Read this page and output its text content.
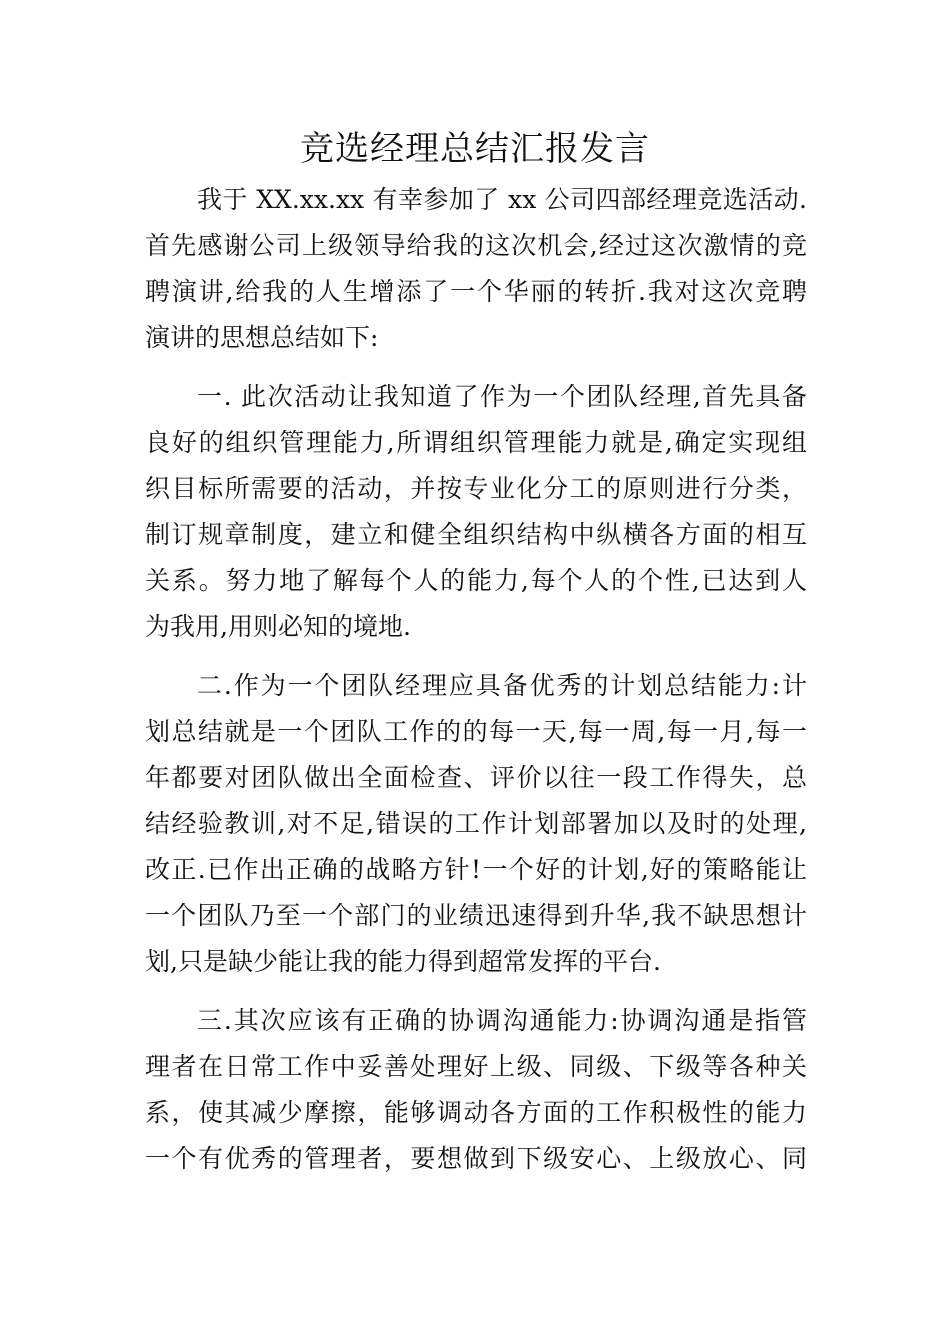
竞选经理总结汇报发言
我于 XX.xx.xx 有幸参加了 xx 公司四部经理竞选活动.
首先感谢公司上级领导给我的这次机会,经过这次激情的竞
聘演讲,给我的人生增添了一个华丽的转折.我对这次竞聘
演讲的思想总结如下:
一. 此次活动让我知道了作为一个团队经理,首先具备
良好的组织管理能力,所谓组织管理能力就是,确定实现组
织目标所需要的活动，并按专业化分工的原则进行分类，
制订规章制度，建立和健全组织结构中纵横各方面的相互
关系。努力地了解每个人的能力,每个人的个性,已达到人
为我用,用则必知的境地.
二.作为一个团队经理应具备优秀的计划总结能力:计
划总结就是一个团队工作的的每一天,每一周,每一月,每一
年都要对团队做出全面检查、评价以往一段工作得失，总
结经验教训,对不足,错误的工作计划部署加以及时的处理,
改正.已作出正确的战略方针!一个好的计划,好的策略能让
一个团队乃至一个部门的业绩迅速得到升华,我不缺思想计
划,只是缺少能让我的能力得到超常发挥的平台.
三.其次应该有正确的协调沟通能力:协调沟通是指管
理者在日常工作中妥善处理好上级、同级、下级等各种关
系，使其减少摩擦，能够调动各方面的工作积极性的能力
一个有优秀的管理者，要想做到下级安心、上级放心、同
